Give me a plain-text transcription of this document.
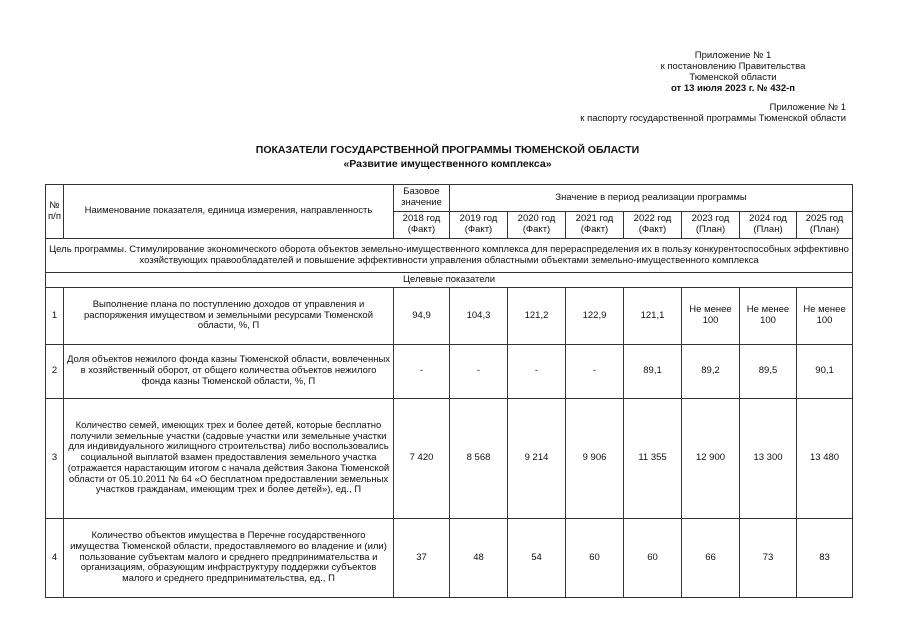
Приложение № 1
к постановлению Правительства
Тюменской области
от 13 июля 2023 г. № 432-п
Приложение № 1
к паспорту государственной программы Тюменской области
ПОКАЗАТЕЛИ ГОСУДАРСТВЕННОЙ ПРОГРАММЫ ТЮМЕНСКОЙ ОБЛАСТИ
«Развитие имущественного комплекса»
№ п/п	Наименование показателя, единица измерения, направленность	Базовое значение	Значение в период реализации программы						
		2018 год (Факт)	2019 год (Факт)	2020 год (Факт)	2021 год (Факт)	2022 год (Факт)	2023 год (План)	2024 год (План)	2025 год (План)
Цель программы. Стимулирование экономического оборота объектов земельно-имущественного комплекса для перераспределения их в пользу конкурентоспособных эффективно хозяйствующих правообладателей и повышение эффективности управления областными объектами земельно-имущественного комплекса									
Целевые показатели									
1	Выполнение плана по поступлению доходов от управления и распоряжения имуществом и земельными ресурсами Тюменской области, %, П	94,9	104,3	121,2	122,9	121,1	Не менее 100	Не менее 100	Не менее 100
2	Доля объектов нежилого фонда казны Тюменской области, вовлеченных в хозяйственный оборот, от общего количества объектов нежилого фонда казны Тюменской области, %, П	-	-	-	-	89,1	89,2	89,5	90,1
3	Количество семей, имеющих трех и более детей, которые бесплатно получили земельные участки (садовые участки или земельные участки для индивидуального жилищного строительства) либо воспользовались социальной выплатой взамен предоставления земельного участка (отражается нарастающим итогом с начала действия Закона Тюменской области от 05.10.2011 № 64 «О бесплатном предоставлении земельных участков гражданам, имеющим трех и более детей»), ед., П	7 420	8 568	9 214	9 906	11 355	12 900	13 300	13 480
4	Количество объектов имущества в Перечне государственного имущества Тюменской области, предоставляемого во владение и (или) пользование субъектам малого и среднего предпринимательства и организациям, образующим инфраструктуру поддержки субъектов малого и среднего предпринимательства, ед., П	37	48	54	60	60	66	73	83
